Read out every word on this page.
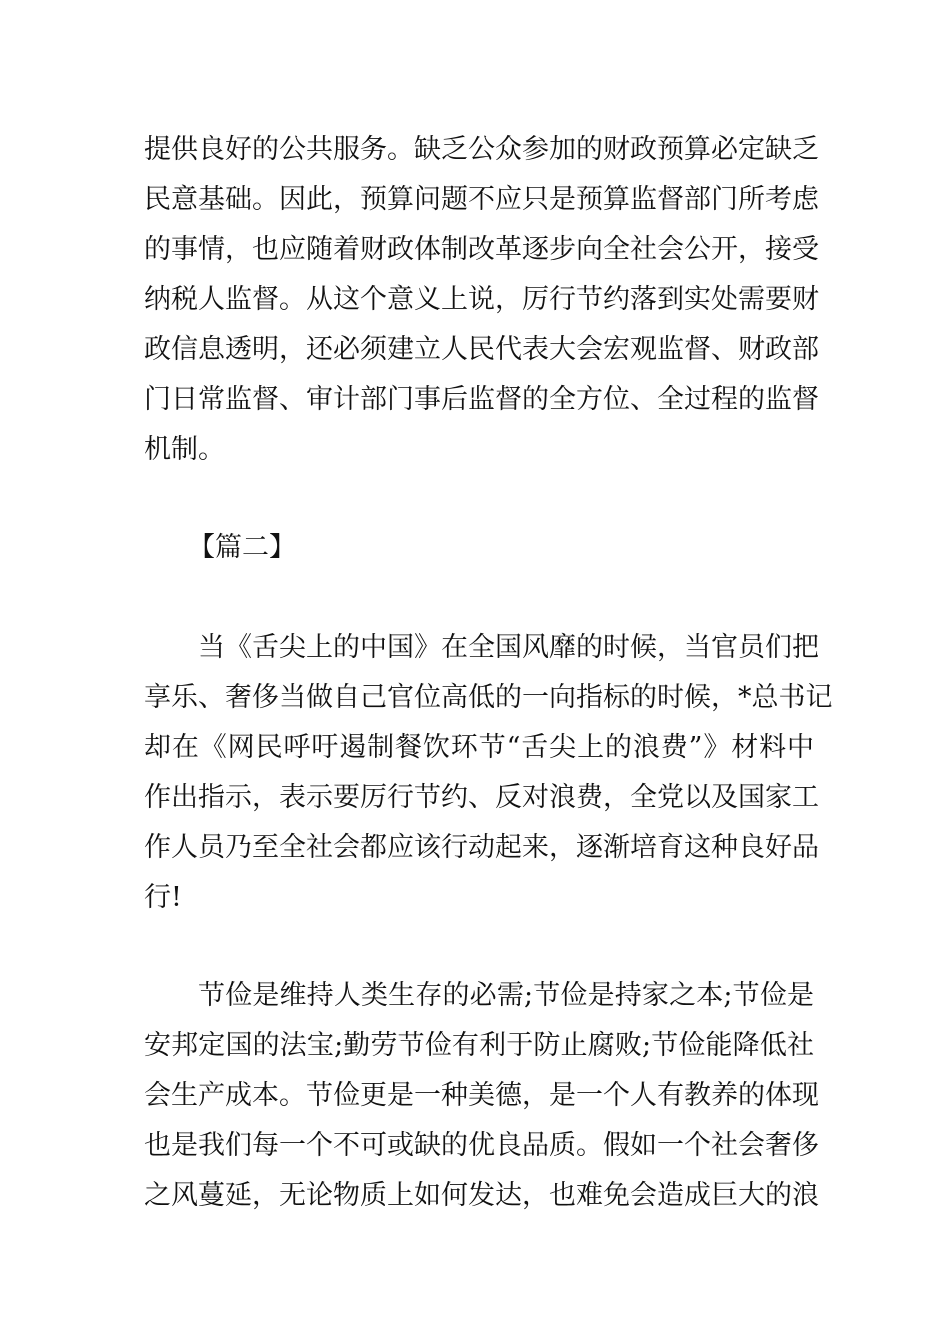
提供良好的公共服务。缺乏公众参加的财政预算必定缺乏
民意基础。因此，预算问题不应只是预算监督部门所考虑
的事情，也应随着财政体制改革逐步向全社会公开，接受
纳税人监督。从这个意义上说，厉行节约落到实处需要财
政信息透明，还必须建立人民代表大会宏观监督、财政部
门日常监督、审计部门事后监督的全方位、全过程的监督
机制。
【篇二】
当《舌尖上的中国》在全国风靡的时候，当官员们把
享乐、奢侈当做自己官位高低的一向指标的时候，*总书记
却在《网民呼吁遏制餐饮环节“舌尖上的浪费”》材料中
作出指示，表示要厉行节约、反对浪费，全党以及国家工
作人员乃至全社会都应该行动起来，逐渐培育这种良好品
行!
节俭是维持人类生存的必需;节俭是持家之本;节俭是
安邦定国的法宝;勤劳节俭有利于防止腐败;节俭能降低社
会生产成本。节俭更是一种美德，是一个人有教养的体现
也是我们每一个不可或缺的优良品质。假如一个社会奢侈
之风蔓延，无论物质上如何发达，也难免会造成巨大的浪
